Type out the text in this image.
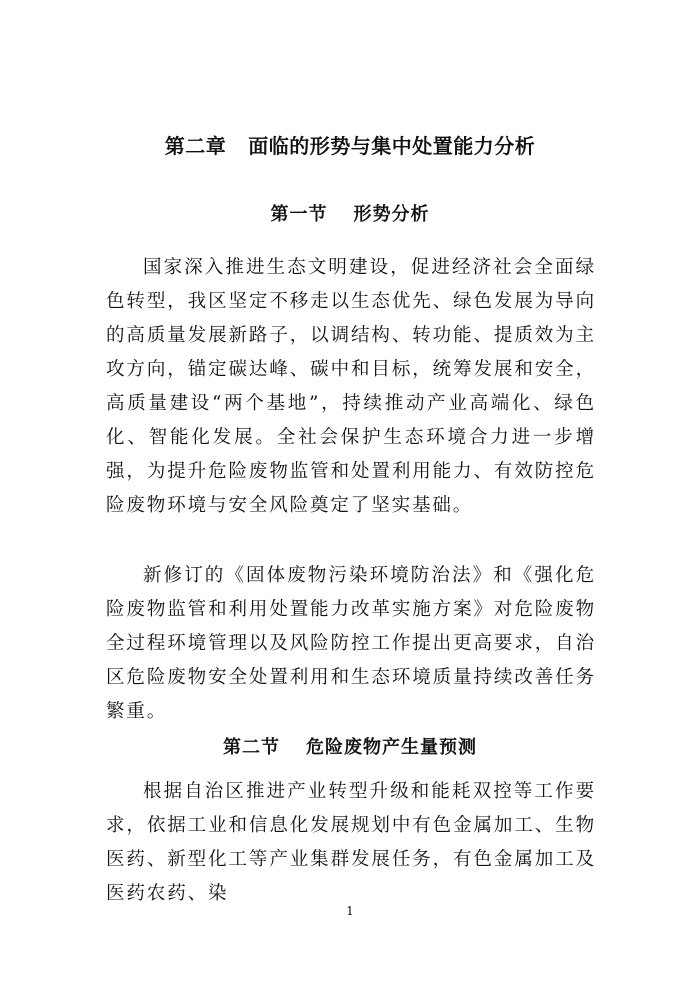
第二章 面临的形势与集中处置能力分析
第一节 形势分析

国家深入推进生态文明建设，促进经济社会全面绿色转型，我区坚定不移走以生态优先、绿色发展为导向的高质量发展新路子，以调结构、转功能、提质效为主攻方向，锚定碳达峰、碳中和目标，统筹发展和安全，高质量建设“两个基地”，持续推动产业高端化、绿色化、智能化发展。全社会保护生态环境合力进一步增强，为提升危险废物监管和处置利用能力、有效防控危险废物环境与安全风险奠定了坚实基础。

新修订的《固体废物污染环境防治法》和《强化危险废物监管和利用处置能力改革实施方案》对危险废物全过程环境管理以及风险防控工作提出更高要求，自治区危险废物安全处置利用和生态环境质量持续改善任务繁重。

第二节 危险废物产生量预测

根据自治区推进产业转型升级和能耗双控等工作要求，依据工业和信息化发展规划中有色金属加工、生物医药、新型化工等产业集群发展任务，有色金属加工及医药农药、染

1
